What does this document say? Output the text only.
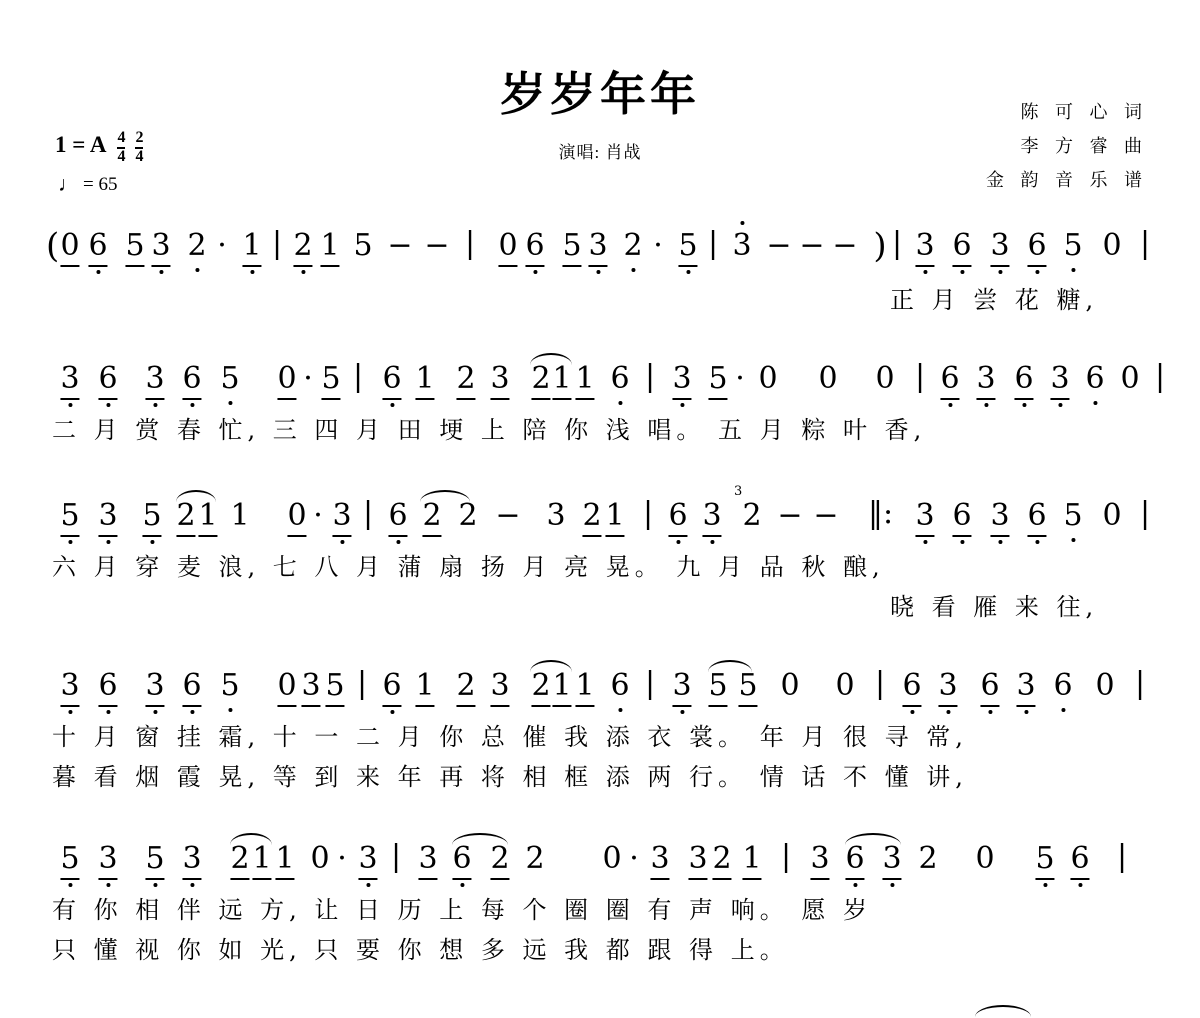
岁岁年年
演唱: 肖战
陈 可 心 词
李 方 睿 曲
金 韵 音 乐 谱
1 = A $\frac{4}{4} \frac{2}{4}$
♩ = 65
( 0 6 5 3 2 · 1 | 2 1 5 − − | 0 6 5 3 2 · 5 | 3 − − − ) | 3 6 3 6 5 0 |
正 月 尝 花 糖,
3 6 3 6 5 0 · 5 | 6 1 2 3 2 1 1 6 | 3 5 · 0 0 0 | 6 3 6 3 6 0 |
二 月 赏 春 忙, 三 四 月 田 埂 上 陪 你 浅 唱。 五 月 粽 叶 香,
5 3 5 2 1 1 0 · 3 | 6 2 2 − 3 2 1 | 6 3
3
2 − − ‖: 3 6 3 6 5 0 |
六 月 穿 麦 浪, 七 八 月 蒲 扇 扬 月 亮 晃。 九 月 品 秋 酿,
晓 看 雁 来 往,
3 6 3 6 5 0 3 5 | 6 1 2 3 2 1 1 6 | 3 5 5 0 0 | 6 3 6 3 6 0 |
十 月 窗 挂 霜, 十 一 二 月 你 总 催 我 添 衣 裳。 年 月 很 寻 常,
暮 看 烟 霞 晃, 等 到 来 年 再 将 相 框 添 两 行。 情 话 不 懂 讲,
5 3 5 3 2 1 1 0 · 3 | 3 6 2 2 0 · 3 3 2 1 | 3 6 3 2 0 5 6 |
有 你 相 伴 远 方, 让 日 历 上 每 个 圈 圈 有 声 响。 愿 岁
只 懂 视 你 如 光, 只 要 你 想 多 远 我 都 跟 得 上。
